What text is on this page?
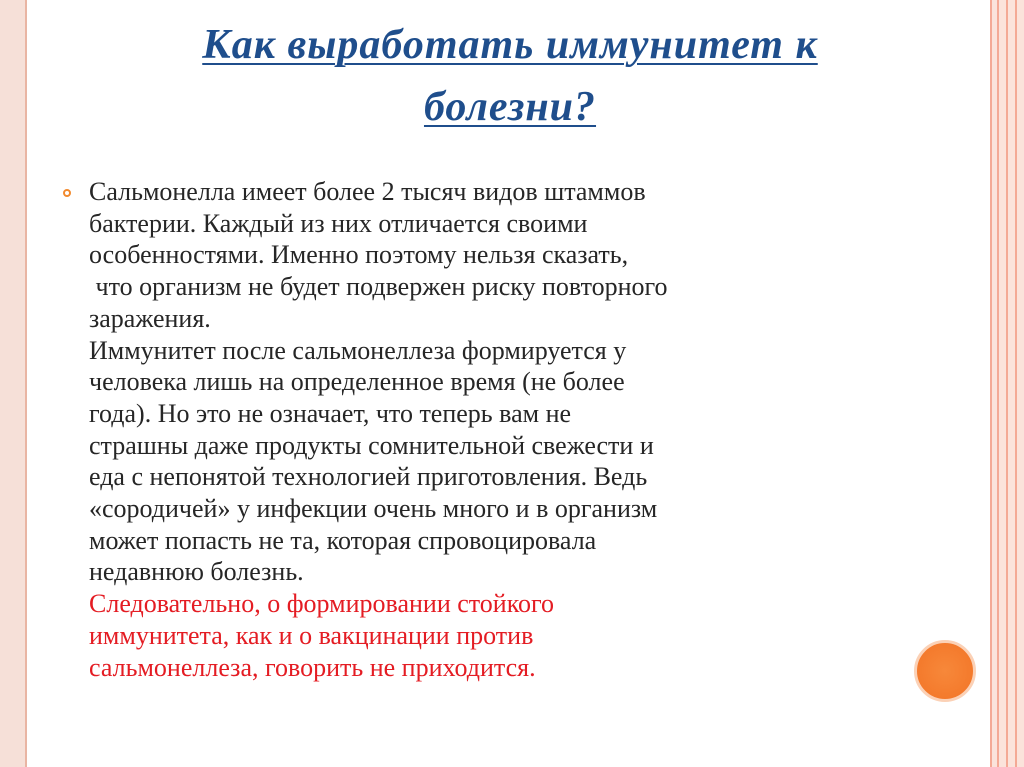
Как выработать иммунитет к
болезни?
Сальмонелла имеет более 2 тысяч видов штаммов
бактерии. Каждый из них отличается своими
особенностями. Именно поэтому нельзя сказать,
что организм не будет подвержен риску повторного
заражения.
Иммунитет после сальмонеллеза формируется у
человека лишь на определенное время (не более
года). Но это не означает, что теперь вам не
страшны даже продукты сомнительной свежести и
еда с непонятой технологией приготовления. Ведь
«сородичей» у инфекции очень много и в организм
может попасть не та, которая спровоцировала
недавнюю болезнь.
Следовательно, о формировании стойкого
иммунитета, как и о вакцинации против
сальмонеллеза, говорить не приходится.
